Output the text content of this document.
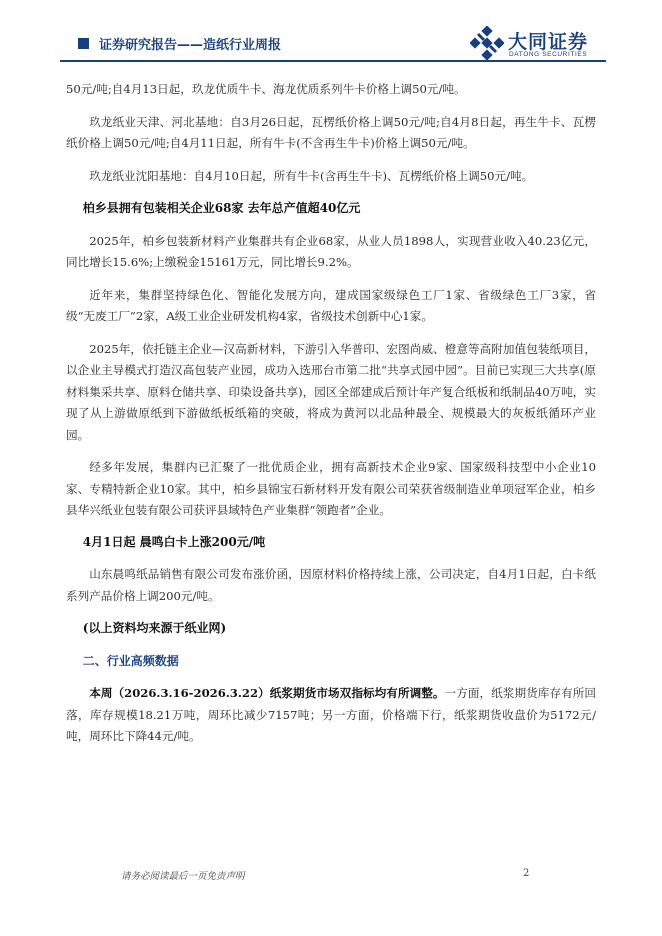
证券研究报告——造纸行业周报	大同证券
DATONG SECURITIES

50元/吨;自4月13日起，玖龙优质牛卡、海龙优质系列牛卡价格上调50元/吨。

玖龙纸业天津、河北基地：自3月26日起，瓦楞纸价格上调50元/吨;自4月8日起，再生牛卡、瓦楞纸价格上调50元/吨;自4月11日起，所有牛卡(不含再生牛卡)价格上调50元/吨。

玖龙纸业沈阳基地：自4月10日起，所有牛卡(含再生牛卡)、瓦楞纸价格上调50元/吨。

柏乡县拥有包装相关企业68家 去年总产值超40亿元

2025年，柏乡包装新材料产业集群共有企业68家，从业人员1898人，实现营业收入40.23亿元，同比增长15.6%;上缴税金15161万元，同比增长9.2%。

近年来，集群坚持绿色化、智能化发展方向，建成国家级绿色工厂1家、省级绿色工厂3家，省级“无废工厂”2家，A级工业企业研发机构4家，省级技术创新中心1家。

2025年，依托链主企业—汉高新材料，下游引入华普印、宏图尚威、橙意等高附加值包装纸项目，以企业主导模式打造汉高包装产业园，成功入选邢台市第二批“共享式园中园”。目前已实现三大共享(原材料集采共享、原料仓储共享、印染设备共享)，园区全部建成后预计年产复合纸板和纸制品40万吨，实现了从上游做原纸到下游做纸板纸箱的突破，将成为黄河以北品种最全、规模最大的灰板纸循环产业园。

经多年发展，集群内已汇聚了一批优质企业，拥有高新技术企业9家、国家级科技型中小企业10家、专精特新企业10家。其中，柏乡县锦宝石新材料开发有限公司荣获省级制造业单项冠军企业，柏乡县华兴纸业包装有限公司获评县域特色产业集群“领跑者”企业。

4月1日起 晨鸣白卡上涨200元/吨

山东晨鸣纸品销售有限公司发布涨价函，因原材料价格持续上涨，公司决定，自4月1日起，白卡纸系列产品价格上调200元/吨。

(以上资料均来源于纸业网)

二、行业高频数据

本周（2026.3.16-2026.3.22）纸浆期货市场双指标均有所调整。一方面，纸浆期货库存有所回落，库存规模18.21万吨，周环比减少7157吨；另一方面，价格端下行，纸浆期货收盘价为5172元/吨，周环比下降44元/吨。

请务必阅读最后一页免责声明	2
